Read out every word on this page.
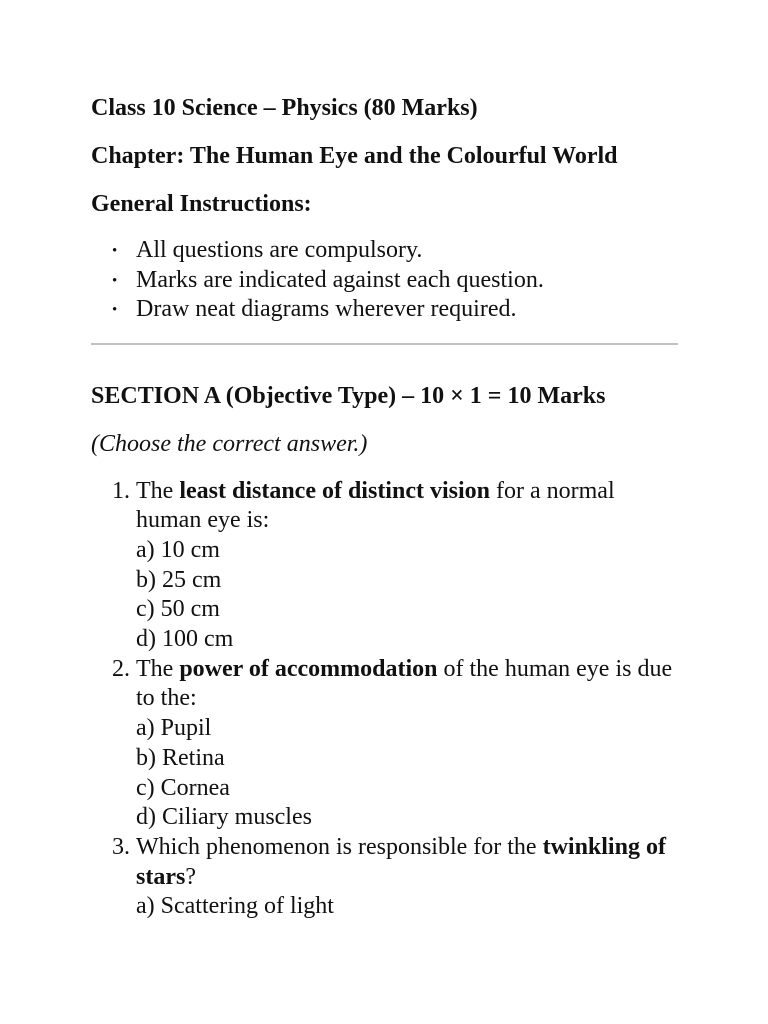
Class 10 Science – Physics (80 Marks)

Chapter: The Human Eye and the Colourful World

General Instructions:

• All questions are compulsory.
• Marks are indicated against each question.
• Draw neat diagrams wherever required.

SECTION A (Objective Type) – 10 × 1 = 10 Marks

(Choose the correct answer.)

1. The least distance of distinct vision for a normal human eye is:
a) 10 cm
b) 25 cm
c) 50 cm
d) 100 cm
2. The power of accommodation of the human eye is due to the:
a) Pupil
b) Retina
c) Cornea
d) Ciliary muscles
3. Which phenomenon is responsible for the twinkling of stars?
a) Scattering of light
